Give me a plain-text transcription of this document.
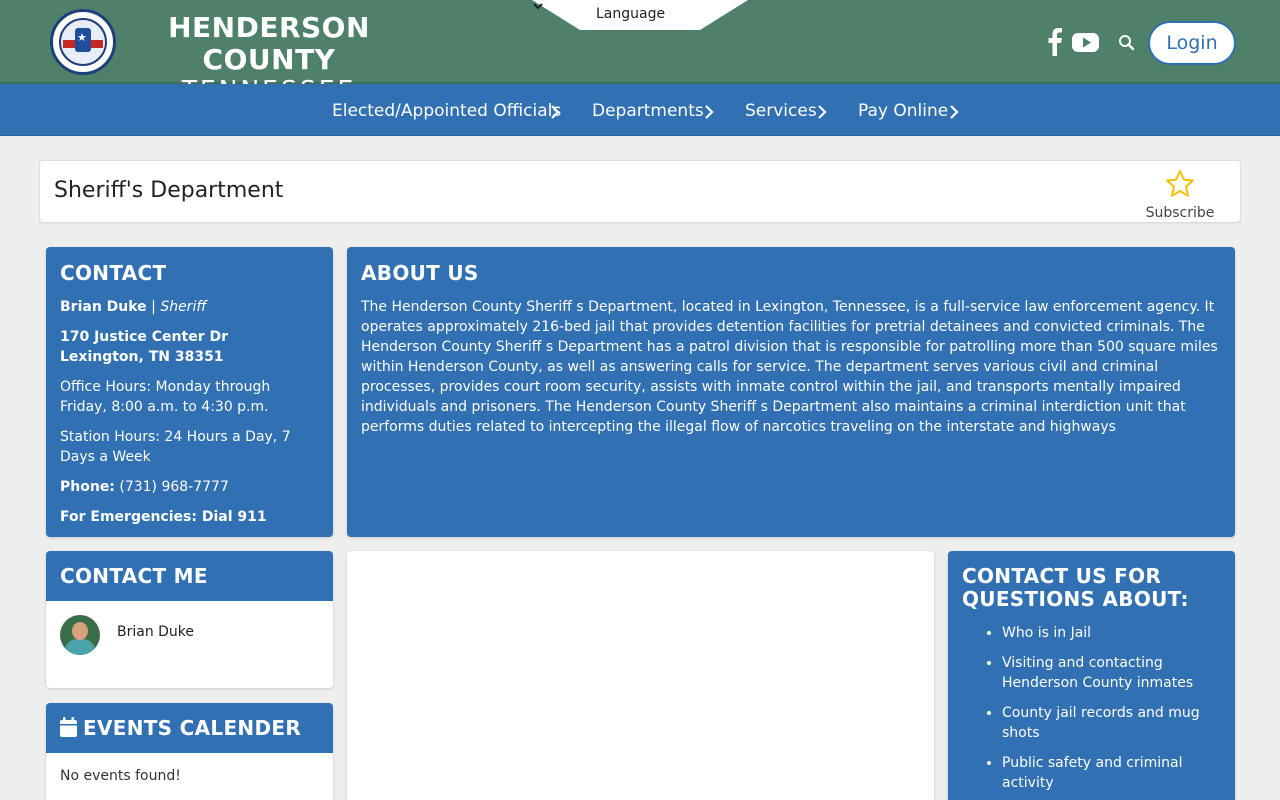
★	HENDERSON COUNTY
Language
Login
Elected/Appointed Officials Departments Services Pay Online
Sheriff's Department
Subscribe
CONTACT
Brian Duke | Sheriff
170 Justice Center Dr
Lexington, TN 38351
Office Hours: Monday through Friday, 8:00 a.m. to 4:30 p.m.
Station Hours: 24 Hours a Day, 7 Days a Week
Phone: (731) 968-7777
For Emergencies: Dial 911
ABOUT US
The Henderson County Sheriff s Department, located in Lexington, Tennessee, is a full-service law enforcement agency. It operates approximately 216-bed jail that provides detention facilities for pretrial detainees and convicted criminals. The Henderson County Sheriff s Department has a patrol division that is responsible for patrolling more than 500 square miles within Henderson County, as well as answering calls for service. The department serves various civil and criminal processes, provides court room security, assists with inmate control within the jail, and transports mentally impaired individuals and prisoners. The Henderson County Sheriff s Department also maintains a criminal interdiction unit that performs duties related to intercepting the illegal flow of narcotics traveling on the interstate and highways
CONTACT ME
Brian Duke
EVENTS CALENDER
No events found!
CONTACT US FOR QUESTIONS ABOUT:
• Who is in Jail
• Visiting and contacting Henderson County inmates
• County jail records and mug shots
• Public safety and criminal activity
